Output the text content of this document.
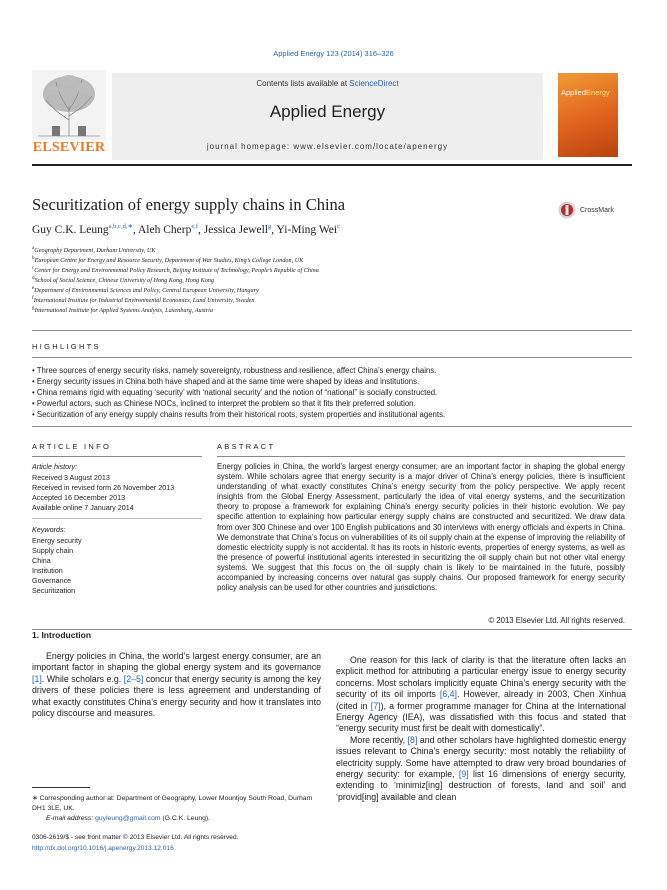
Applied Energy 123 (2014) 316–326
ELSEVIER
Contents lists available at ScienceDirect
Applied Energy
journal homepage: www.elsevier.com/locate/apenergy
AppliedEnergy
Securitization of energy supply chains in China	CrossMark
Guy C.K. Leung$^{a,b,c,d,∗}$, Aleh Cherp$^{e,f}$, Jessica Jewell$^g$, Yi-Ming Wei$^c$
$^a$Geography Department, Durham University, UK
$^b$European Centre for Energy and Resource Security, Department of War Studies, King’s College London, UK
$^c$Center for Energy and Environmental Policy Research, Beijing Institute of Technology, People’s Republic of China
$^d$School of Social Science, Chinese University of Hong Kong, Hong Kong
$^e$Department of Environmental Sciences and Policy, Central European University, Hungary
$^f$International Institute for Industrial Environmental Economics, Lund University, Sweden
$^g$International Institute for Applied Systems Analysis, Laxenburg, Austria
HIGHLIGHTS
• Three sources of energy security risks, namely sovereignty, robustness and resilience, affect China’s energy chains.
• Energy security issues in China both have shaped and at the same time were shaped by ideas and institutions.
• China remains rigid with equating ‘security’ with ‘national security’ and the notion of “national” is socially constructed.
• Powerful actors, such as Chinese NOCs, inclined to interpret the problem so that it fits their preferred solution.
• Securitization of any energy supply chains results from their historical roots, system properties and institutional agents.
ARTICLE INFO
Article history:
Received 3 August 2013
Received in revised form 26 November 2013
Accepted 16 December 2013
Available online 7 January 2014
Keywords:
Energy security
Supply chain
China
Institution
Governance
Securitization
ABSTRACT
Energy policies in China, the world’s largest energy consumer, are an important factor in shaping the global energy system. While scholars agree that energy security is a major driver of China’s energy policies, there is insufficient understanding of what exactly constitutes China’s energy security from the policy perspective. We apply recent insights from the Global Energy Assessment, particularly the idea of vital energy systems, and the securitization theory to propose a framework for explaining China’s energy security policies in their historic evolution. We pay specific attention to explaining how particular energy supply chains are constructed and securitized. We draw data from over 300 Chinese and over 100 English publications and 30 interviews with energy officials and experts in China. We demonstrate that China’s focus on vulnerabilities of its oil supply chain at the expense of improving the reliability of domestic electricity supply is not accidental. It has its roots in historic events, properties of energy systems, as well as the presence of powerful institutional agents interested in securitizing the oil supply chain but not other vital energy systems. We suggest that this focus on the oil supply chain is likely to be maintained in the future, possibly accompanied by increasing concerns over natural gas supply chains. Our proposed framework for energy security policy analysis can be used for other countries and jurisdictions.
© 2013 Elsevier Ltd. All rights reserved.
1. Introduction
Energy policies in China, the world’s largest energy consumer, are an important factor in shaping the global energy system and its governance [1]. While scholars e.g. [2–5] concur that energy security is among the key drivers of these policies there is less agreement and understanding of what exactly constitutes China’s energy security and how it translates into policy discourse and measures.

One reason for this lack of clarity is that the literature often lacks an explicit method for attributing a particular energy issue to energy security concerns. Most scholars implicitly equate China’s energy security with the security of its oil imports [6,4]. However, already in 2003, Chen Xinhua (cited in [7]), a former programme manager for China at the International Energy Agency (IEA), was dissatisfied with this focus and stated that “energy security must first be dealt with domestically”.

More recently, [8] and other scholars have highlighted domestic energy issues relevant to China’s energy security: most notably the reliability of electricity supply. Some have attempted to draw very broad boundaries of energy security: for example, [9] list 16 dimensions of energy security, extending to ‘minimiz[ing] destruction of forests, land and soil’ and ‘provid[ing] available and clean

∗ Corresponding author at: Department of Geography, Lower Mountjoy South Road, Durham DH1 3LE, UK.
E-mail address: guyleung@gmail.com (G.C.K. Leung).
0306-2619/$ - see front matter © 2013 Elsevier Ltd. All rights reserved.
http://dx.doi.org/10.1016/j.apenergy.2013.12.016
